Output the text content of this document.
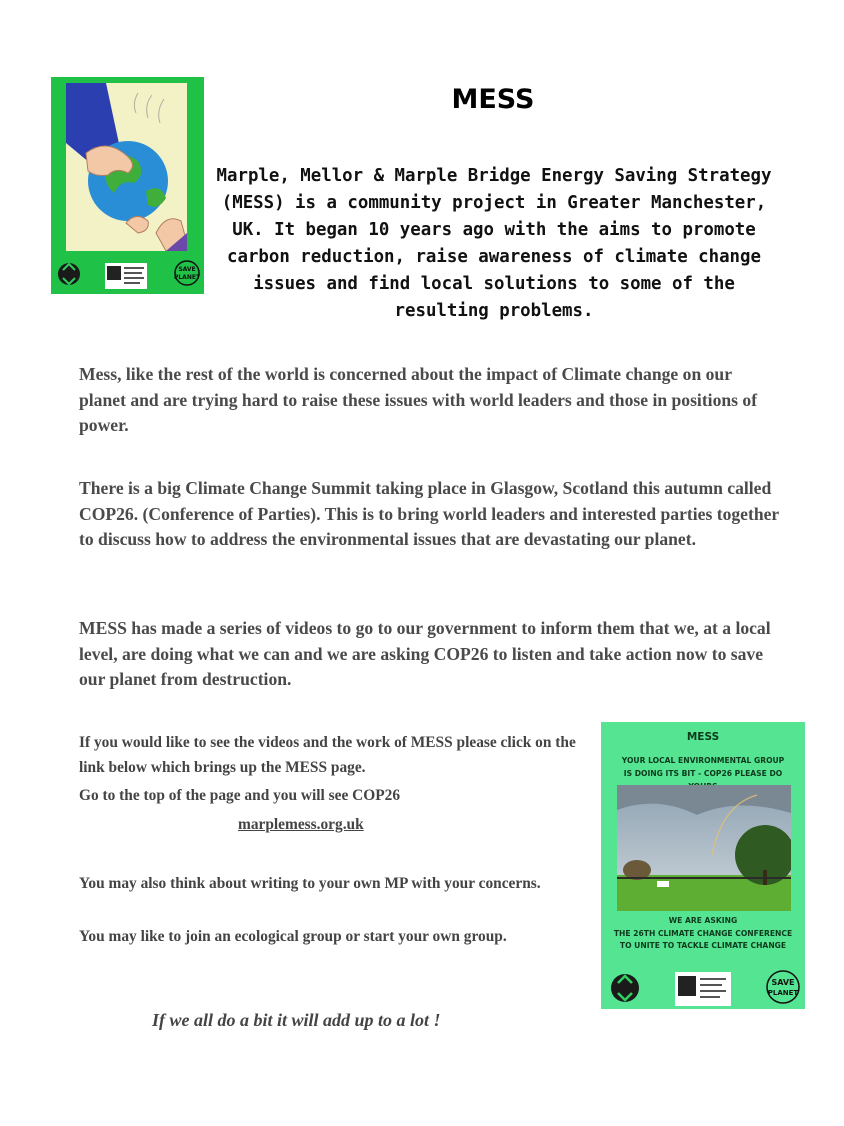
SAVE
PLANET
MESS
Marple, Mellor & Marple Bridge Energy Saving Strategy (MESS) is a community project in Greater Manchester, UK. It began 10 years ago with the aims to promote carbon reduction, raise awareness of climate change issues and find local solutions to some of the resulting problems.
Mess, like the rest of the world is concerned about the impact of Climate change on our planet and are trying hard to raise these issues with world leaders and those in positions of power.
There is a big Climate Change Summit taking place in Glasgow, Scotland this autumn called COP26. (Conference of Parties). This is to bring world leaders and interested parties together to discuss how to address the environmental issues that are devastating our planet.
MESS has made a series of videos to go to our government to inform them that we, at a local level, are doing what we can and we are asking COP26 to listen and take action now to save our planet from destruction.
If you would like to see the videos and the work of MESS please click on the link below which brings up the MESS page.
Go to the top of the page and you will see COP26
marplemess.org.uk
You may also think about writing to your own MP with your concerns.
You may like to join an ecological group or start your own group.
If we all do a bit it will add up to a lot !
MESS
YOUR LOCAL ENVIRONMENTAL GROUP
IS DOING ITS BIT - COP26 PLEASE DO
WE ARE ASKING
THE 26TH CLIMATE CHANGE CONFERENCE
TO UNITE TO TACKLE CLIMATE CHANGE
SAVE
PLANET
